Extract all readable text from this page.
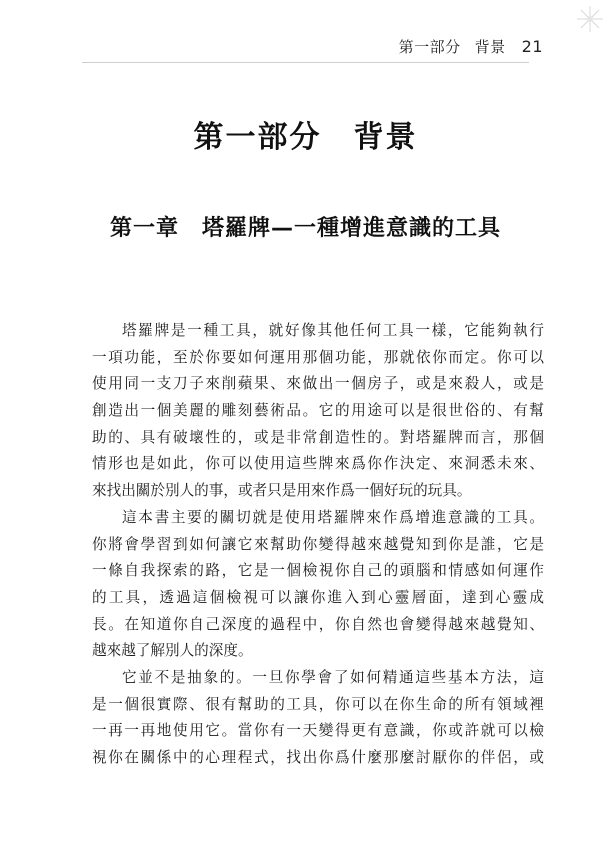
第一部分 背景 21
第一部分　背景
第一章　塔羅牌—一種增進意識的工具
塔羅牌是一種工具，就好像其他任何工具一樣，它能夠執行
一項功能，至於你要如何運用那個功能，那就依你而定。你可以
使用同一支刀子來削蘋果、來做出一個房子，或是來殺人，或是
創造出一個美麗的雕刻藝術品。它的用途可以是很世俗的、有幫
助的、具有破壞性的，或是非常創造性的。對塔羅牌而言，那個
情形也是如此，你可以使用這些牌來爲你作決定、來洞悉未來、
來找出關於別人的事，或者只是用來作爲一個好玩的玩具。
這本書主要的關切就是使用塔羅牌來作爲增進意識的工具。
你將會學習到如何讓它來幫助你變得越來越覺知到你是誰，它是
一條自我探索的路，它是一個檢視你自己的頭腦和情感如何運作
的工具，透過這個檢視可以讓你進入到心靈層面，達到心靈成
長。在知道你自己深度的過程中，你自然也會變得越來越覺知、
越來越了解別人的深度。
它並不是抽象的。一旦你學會了如何精通這些基本方法，這
是一個很實際、很有幫助的工具，你可以在你生命的所有領域裡
一再一再地使用它。當你有一天變得更有意識，你或許就可以檢
視你在關係中的心理程式，找出你爲什麼那麼討厭你的伴侶，或
